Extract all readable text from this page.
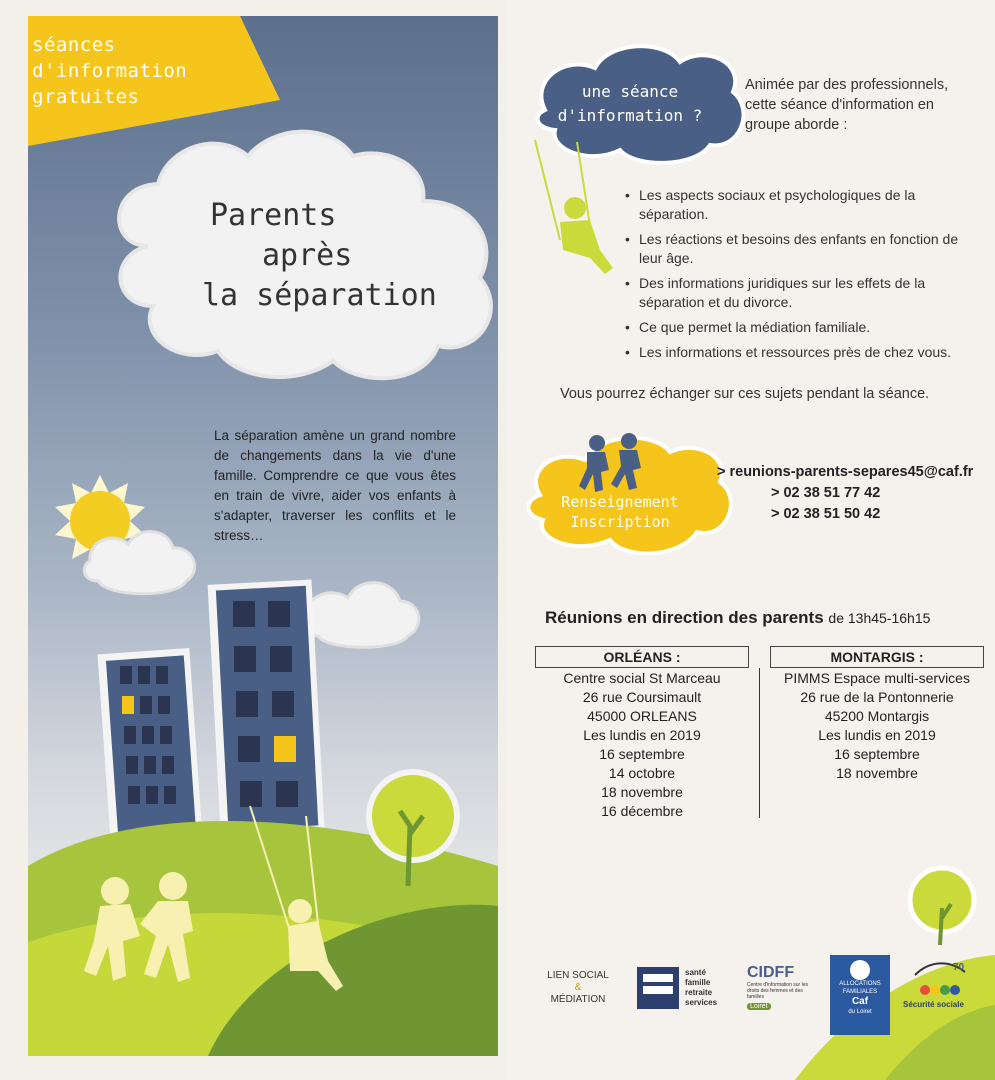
séances
d'information
gratuites
Parents
après
la séparation
La séparation amène un grand nombre de changements dans la vie d'une famille. Comprendre ce que vous êtes en train de vivre, aider vos enfants à s'adapter, traverser les conflits et le stress…
une séance
d'information ?
Animée par des professionnels, cette séance d'information en groupe aborde :
• Les aspects sociaux et psychologiques de la séparation.
• Les réactions et besoins des enfants en fonction de leur âge.
• Des informations juridiques sur les effets de la séparation et du divorce.
• Ce que permet la médiation familiale.
• Les informations et ressources près de chez vous.
Vous pourrez échanger sur ces sujets pendant la séance.
Renseignement
Inscription
> reunions-parents-separes45@caf.fr
> 02 38 51 77 42
> 02 38 51 50 42
Réunions en direction des parents de 13h45-16h15
ORLÉANS :	MONTARGIS :
Centre social St Marceau
26 rue Coursimault
45000 ORLEANS
Les lundis en 2019
16 septembre
14 octobre
18 novembre
16 décembre
PIMMS Espace multi-services
26 rue de la Pontonnerie
45200 Montargis
Les lundis en 2019
16 septembre
18 novembre
LIEN SOCIAL
&
MÉDIATION
santé
famille
retraite
services
CIDFF
Centre d'information sur les droits des femmes et des familles
Loiret
ALLOCATIONS
FAMILIALES
Caf
du Loiret
70
Sécurité sociale
